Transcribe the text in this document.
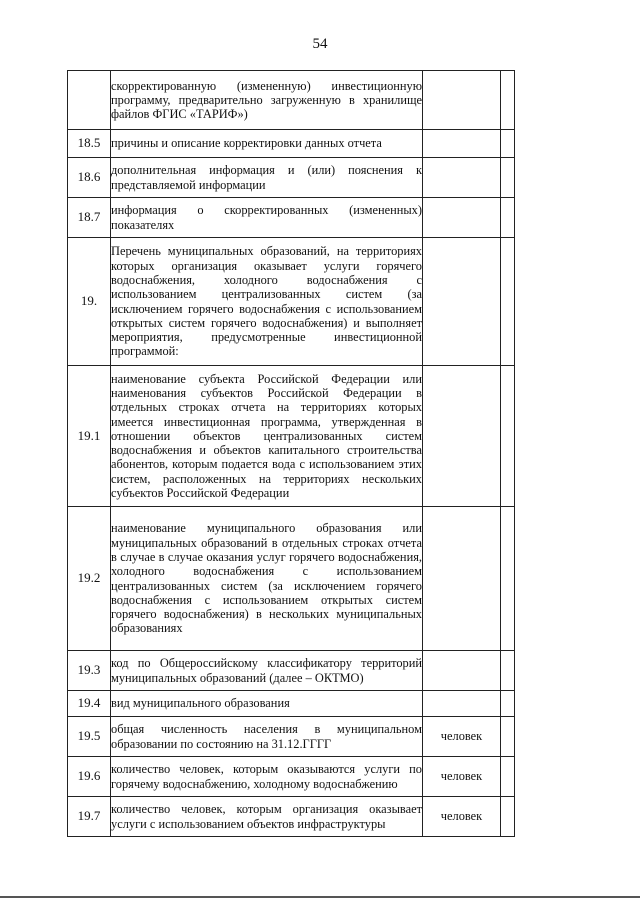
54
	скорректированную (измененную) инвестиционную программу, предварительно загруженную в хранилище файлов ФГИС «ТАРИФ»)		
18.5	причины и описание корректировки данных отчета		
18.6	дополнительная информация и (или) пояснения к представляемой информации		
18.7	информация о скорректированных (измененных) показателях		
19.	Перечень муниципальных образований, на территориях которых организация оказывает услуги горячего водоснабжения, холодного водоснабжения с использованием централизованных систем (за исключением горячего водоснабжения с использованием открытых систем горячего водоснабжения) и выполняет мероприятия, предусмотренные инвестиционной программой:		
19.1	наименование субъекта Российской Федерации или наименования субъектов Российской Федерации в отдельных строках отчета на территориях которых имеется инвестиционная программа, утвержденная в отношении объектов централизованных систем водоснабжения и объектов капитального строительства абонентов, которым подается вода с использованием этих систем, расположенных на территориях нескольких субъектов Российской Федерации		
19.2	наименование муниципального образования или муниципальных образований в отдельных строках отчета в случае в случае оказания услуг горячего водоснабжения, холодного водоснабжения с использованием централизованных систем (за исключением горячего водоснабжения с использованием открытых систем горячего водоснабжения) в нескольких муниципальных образованиях		
19.3	код по Общероссийскому классификатору территорий муниципальных образований (далее – ОКТМО)		
19.4	вид муниципального образования		
19.5	общая численность населения в муниципальном образовании по состоянию на 31.12.ГГГГ	человек	
19.6	количество человек, которым оказываются услуги по горячему водоснабжению, холодному водоснабжению	человек	
19.7	количество человек, которым организация оказывает услуги с использованием объектов инфраструктуры	человек	
